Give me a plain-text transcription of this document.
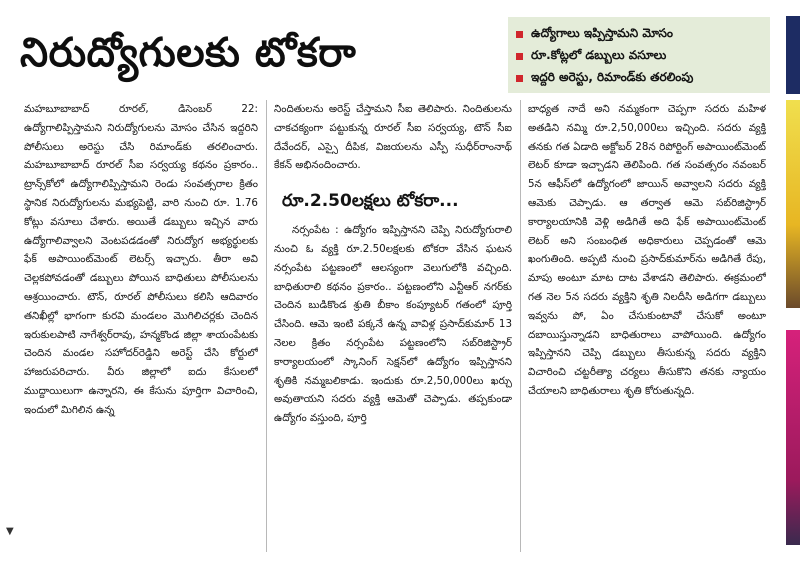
నిరుద్యోగులకు టోకరా	ఉద్యోగాలు ఇప్పిస్తామని మోసం
రూ.కోట్లలో డబ్బులు వసూలు
ఇద్దరి అరెస్టు, రిమాండ్‌కు తరలింపు

మహబూబాబాద్ రూరల్, డిసెంబర్ 22: ఉద్యోగాలిప్పిస్తామని నిరుద్యోగులను మోసం చేసిన ఇద్దరిని పోలీసులు అరెస్టు చేసి రిమాండ్‌కు తరలించారు. మహబూబాబాద్ రూరల్ సీఐ సర్వయ్య కథనం ప్రకారం.. ట్రాన్స్‌కోలో ఉద్యోగాలిప్పిస్తామని రెండు సంవత్సరాల క్రితం స్థానిక నిరుద్యోగులను మభ్యపెట్టి, వారి నుంచి రూ. 1.76 కోట్లు వసూలు చేశారు. అయితే డబ్బులు ఇచ్చిన వారు ఉద్యోగాలివ్వాలని వెంటపడడంతో నిరుద్యోగ అభ్యర్థులకు ఫేక్ అపాయింట్‌మెంట్ లెటర్స్ ఇచ్చారు. తీరా అవి చెల్లకపోవడంతో డబ్బులు పోయిన బాధితులు పోలీసులను ఆశ్రయించారు. టౌన్, రూరల్ పోలీసులు కలిసి ఆదివారం తనిఖీల్లో భాగంగా కురవి మండలం మొగిలిచర్లకు చెందిన ఇరుకులపాటి నాగేశ్వర్‌రావు, హన్మకొండ జిల్లా శాయంపేటకు చెందిన మండల సహోదర్‌రెడ్డిని అరెస్ట్ చేసి కోర్టులో హాజరుపరిచారు. వీరు జిల్లాలో ఐదు కేసులలో ముద్దాయిలుగా ఉన్నారని, ఈ కేసును పూర్తిగా విచారించి, ఇందులో మిగిలిన ఉన్న

నిందితులను అరెస్ట్ చేస్తామని సీఐ తెలిపారు. నిందితులను చాకచక్యంగా పట్టుకున్న రూరల్ సీఐ సర్వయ్య, టౌన్ సీఐ దేవేందర్, ఎస్సై దీపిక, విజయలను ఎస్పీ సుధీర్‌రాంనాథ్ కేకన్ అభినందించారు.

రూ.2.50లక్షలు టోకరా...

నర్సంపేట : ఉద్యోగం ఇప్పిస్తానని చెప్పి నిరుద్యోగురాలి నుంచి ఓ వ్యక్తి రూ.2.50లక్షలకు టోకరా వేసిన ఘటన నర్సంపేట పట్టణంలో ఆలస్యంగా వెలుగులోకి వచ్చింది. బాధితురాలి కథనం ప్రకారం.. పట్టణంలోని ఎన్టీఆర్ నగర్‌కు చెందిన బుడికొండ శ్రుతి బీకాం కంప్యూటర్ గతంలో పూర్తి చేసింది. ఆమె ఇంటి పక్కనే ఉన్న వావిళ్ల ప్రసాద్‌కుమార్ 13 నెలల క్రితం నర్సంపేట పట్టణంలోని సబ్‌రిజిస్ట్రార్ కార్యాలయంలో స్కానింగ్ సెక్షన్‌లో ఉద్యోగం ఇప్పిస్తానని శృతికి నమ్మబలికాడు. ఇందుకు రూ.2,50,000లు ఖర్చు అవుతాయని సదరు వ్యక్తి ఆమెతో చెప్పాడు. తప్పకుండా ఉద్యోగం వస్తుంది, పూర్తి

బాధ్యత నాదే అని నమ్మకంగా చెప్పగా సదరు మహిళ అతడిని నమ్మి రూ.2,50,000లు ఇచ్చింది. సదరు వ్యక్తి తనకు గత ఏడాది అక్టోబర్ 28న రిపోర్టింగ్ అపాయింట్‌మెంట్ లెటర్ కూడా ఇచ్చాడని తెలిపింది. గత సంవత్సరం నవంబర్ 5న ఆఫీస్‌లో ఉద్యోగంలో జాయిన్ అవ్వాలని సదరు వ్యక్తి ఆమెకు చెప్పాడు. ఆ తర్వాత ఆమె సబ్‌రిజిస్ట్రార్ కార్యాలయానికి వెళ్లి అడిగితే అది ఫేక్ అపాయింట్‌మెంట్ లెటర్ అని సంబంధిత అధికారులు చెప్పడంతో ఆమె ఖంగుతింది. అప్పటి నుంచి ప్రసాద్‌కుమార్‌ను అడిగితే రేపు, మాపు అంటూ మాట దాట వేశాడని తెలిపారు. ఈక్రమంలో గత నెల 5న సదరు వ్యక్తిని శృతి నిలదీసి అడిగగా డబ్బులు ఇవ్వను పో, ఏం చేసుకుంటావో చేసుకో అంటూ దబాయిస్తున్నాడని బాధితురాలు వాపోయింది. ఉద్యోగం ఇప్పిస్తానని చెప్పి డబ్బులు తీసుకున్న సదరు వ్యక్తిని విచారించి చట్టరీత్యా చర్యలు తీసుకొని తనకు న్యాయం చేయాలని బాధితురాలు శృతి కోరుతున్నది.

▼
